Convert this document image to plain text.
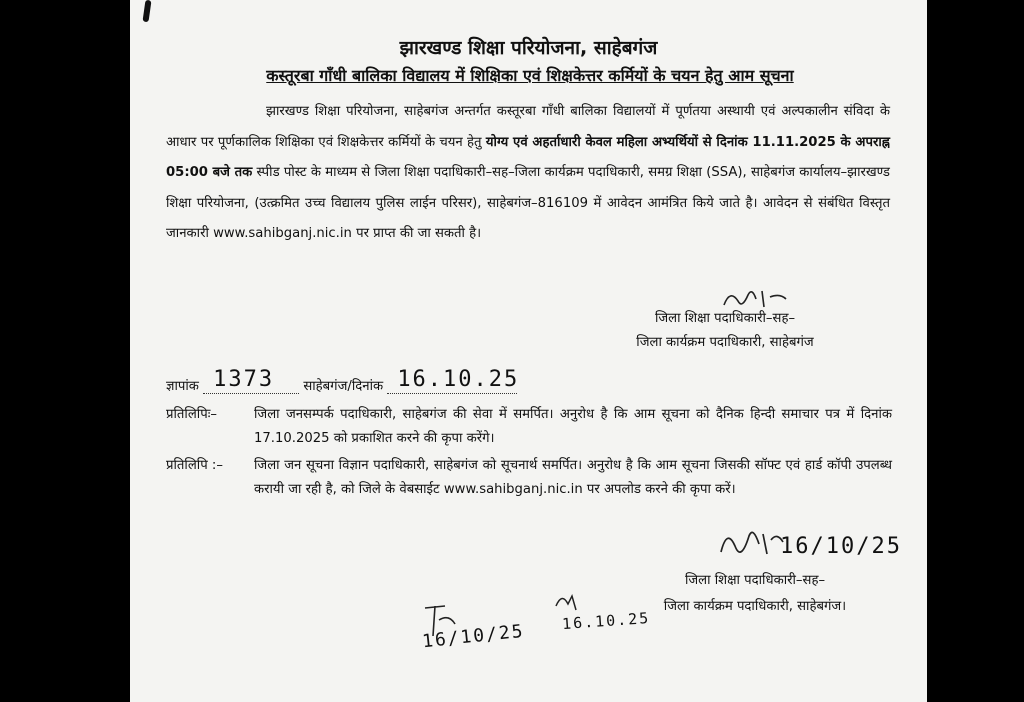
झारखण्ड शिक्षा परियोजना, साहेबगंज
कस्तूरबा गाँधी बालिका विद्यालय में शिक्षिका एवं शिक्षकेत्तर कर्मियों के चयन हेतु आम सूचना
झारखण्ड शिक्षा परियोजना, साहेबगंज अन्तर्गत कस्तूरबा गाँधी बालिका विद्यालयों में पूर्णतया अस्थायी एवं अल्पकालीन संविदा के आधार पर पूर्णकालिक शिक्षिका एवं शिक्षकेत्तर कर्मियों के चयन हेतु योग्य एवं अहर्ताधारी केवल महिला अभ्यर्थियों से दिनांक 11.11.2025 के अपराह्न 05:00 बजे तक स्पीड पोस्ट के माध्यम से जिला शिक्षा पदाधिकारी–सह–जिला कार्यक्रम पदाधिकारी, समग्र शिक्षा (SSA), साहेबगंज कार्यालय–झारखण्ड शिक्षा परियोजना, (उत्क्रमित उच्च विद्यालय पुलिस लाईन परिसर), साहेबगंज–816109 में आवेदन आमंत्रित किये जाते है। आवेदन से संबंधित विस्तृत जानकारी www.sahibganj.nic.in पर प्राप्त की जा सकती है।
जिला शिक्षा पदाधिकारी–सह–
जिला कार्यक्रम पदाधिकारी, साहेबगंज
ज्ञापांक 1373 साहेबगंज/दिनांक 16.10.25
प्रतिलिपिः–	जिला जनसम्पर्क पदाधिकारी, साहेबगंज की सेवा में समर्पित। अनुरोध है कि आम सूचना को दैनिक हिन्दी समाचार पत्र में दिनांक 17.10.2025 को प्रकाशित करने की कृपा करेंगे।
प्रतिलिपि :–	जिला जन सूचना विज्ञान पदाधिकारी, साहेबगंज को सूचनार्थ समर्पित। अनुरोध है कि आम सूचना जिसकी सॉफ्ट एवं हार्ड कॉपी उपलब्ध करायी जा रही है, को जिले के वेबसाईट www.sahibganj.nic.in पर अपलोड करने की कृपा करें।
16/10/25
जिला शिक्षा पदाधिकारी–सह–
जिला कार्यक्रम पदाधिकारी, साहेबगंज।
16/10/25 16.10.25
